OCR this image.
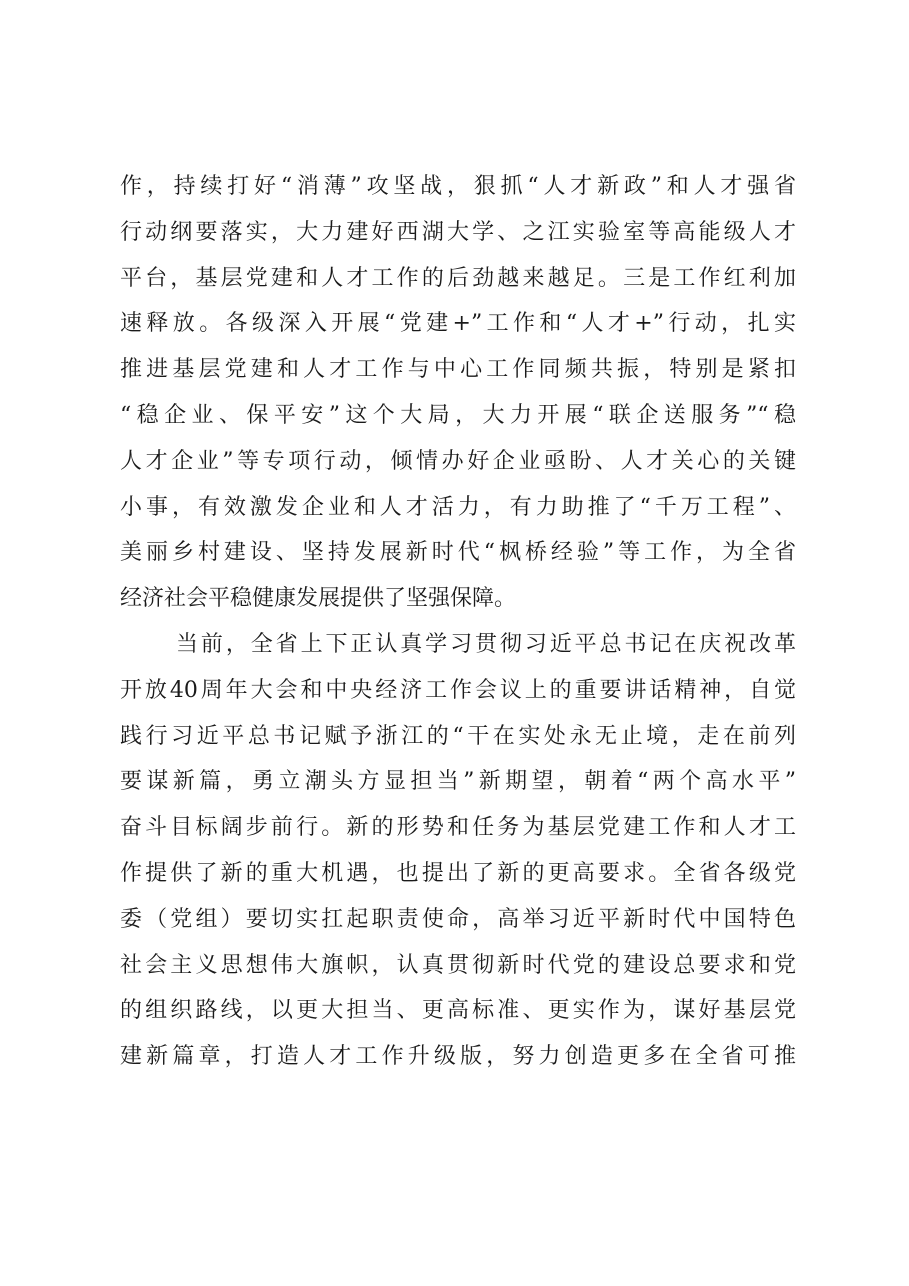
作，持续打好“消薄”攻坚战，狠抓“人才新政”和人才强省
行动纲要落实，大力建好西湖大学、之江实验室等高能级人才
平台，基层党建和人才工作的后劲越来越足。三是工作红利加
速释放。各级深入开展“党建+”工作和“人才+”行动，扎实
推进基层党建和人才工作与中心工作同频共振，特别是紧扣
“稳企业、保平安”这个大局，大力开展“联企送服务”“稳
人才企业”等专项行动，倾情办好企业亟盼、人才关心的关键
小事，有效激发企业和人才活力，有力助推了“千万工程”、
美丽乡村建设、坚持发展新时代“枫桥经验”等工作，为全省
经济社会平稳健康发展提供了坚强保障。
当前，全省上下正认真学习贯彻习近平总书记在庆祝改革
开放40周年大会和中央经济工作会议上的重要讲话精神，自觉
践行习近平总书记赋予浙江的“干在实处永无止境，走在前列
要谋新篇，勇立潮头方显担当”新期望，朝着“两个高水平”
奋斗目标阔步前行。新的形势和任务为基层党建工作和人才工
作提供了新的重大机遇，也提出了新的更高要求。全省各级党
委（党组）要切实扛起职责使命，高举习近平新时代中国特色
社会主义思想伟大旗帜，认真贯彻新时代党的建设总要求和党
的组织路线，以更大担当、更高标准、更实作为，谋好基层党
建新篇章，打造人才工作升级版，努力创造更多在全省可推
